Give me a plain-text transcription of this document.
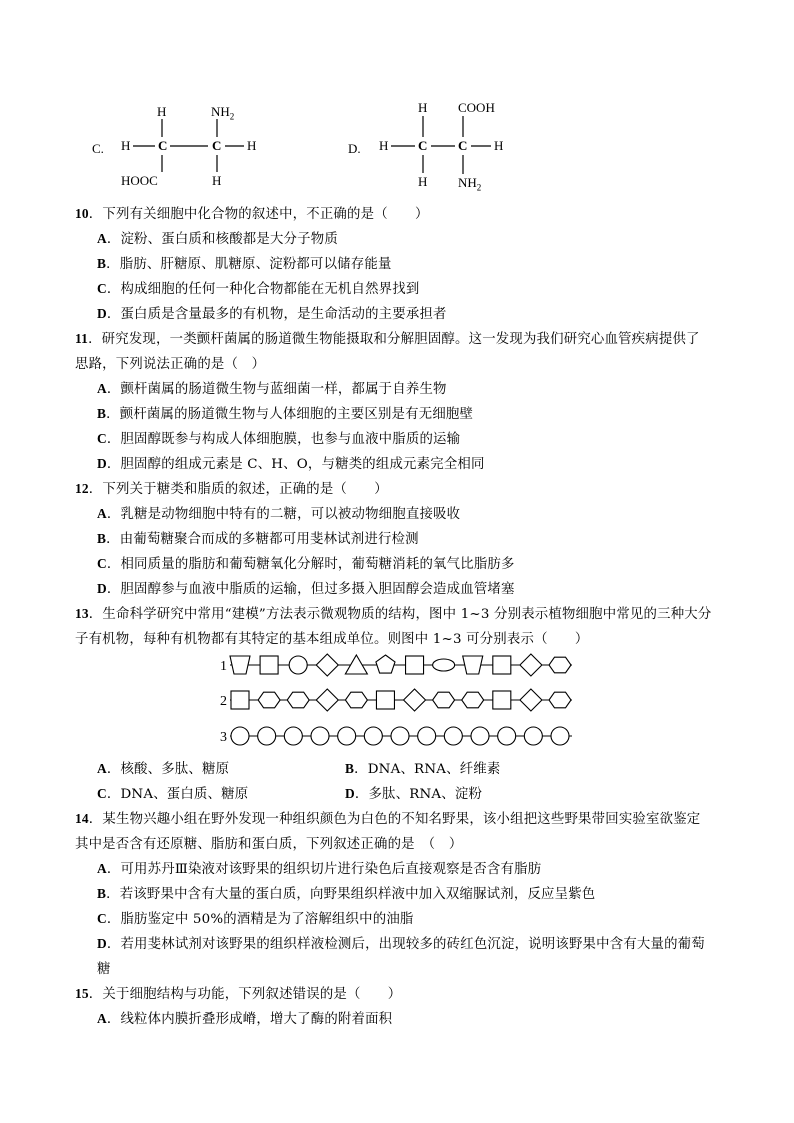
C.
H	$NH_2$
H C	C H
HOOC	H
D.
H COOH
H C C H
H $NH_2$
10．下列有关细胞中化合物的叙述中，不正确的是（　　）
A．淀粉、蛋白质和核酸都是大分子物质
B．脂肪、肝糖原、肌糖原、淀粉都可以储存能量
C．构成细胞的任何一种化合物都能在无机自然界找到
D．蛋白质是含量最多的有机物，是生命活动的主要承担者
11．研究发现，一类颤杆菌属的肠道微生物能摄取和分解胆固醇。这一发现为我们研究心血管疾病提供了
思路，下列说法正确的是（　）
A．颤杆菌属的肠道微生物与蓝细菌一样，都属于自养生物
B．颤杆菌属的肠道微生物与人体细胞的主要区别是有无细胞壁
C．胆固醇既参与构成人体细胞膜，也参与血液中脂质的运输
D．胆固醇的组成元素是 C、H、O，与糖类的组成元素完全相同
12．下列关于糖类和脂质的叙述，正确的是（　　）
A．乳糖是动物细胞中特有的二糖，可以被动物细胞直接吸收
B．由葡萄糖聚合而成的多糖都可用斐林试剂进行检测
C．相同质量的脂肪和葡萄糖氧化分解时，葡萄糖消耗的氧气比脂肪多
D．胆固醇参与血液中脂质的运输，但过多摄入胆固醇会造成血管堵塞
13．生命科学研究中常用“建模”方法表示微观物质的结构，图中 1~3 分别表示植物细胞中常见的三种大分
子有机物，每种有机物都有其特定的基本组成单位。则图中 1~3 可分别表示（　　）
1
2
3
A．核酸、多肽、糖原	B．DNA、RNA、纤维素
C．DNA、蛋白质、糖原	D．多肽、RNA、淀粉
14．某生物兴趣小组在野外发现一种组织颜色为白色的不知名野果，该小组把这些野果带回实验室欲鉴定
其中是否含有还原糖、脂肪和蛋白质，下列叙述正确的是　（　）
A．可用苏丹Ⅲ染液对该野果的组织切片进行染色后直接观察是否含有脂肪
B．若该野果中含有大量的蛋白质，向野果组织样液中加入双缩脲试剂，反应呈紫色
C．脂肪鉴定中 50%的酒精是为了溶解组织中的油脂
D．若用斐林试剂对该野果的组织样液检测后，出现较多的砖红色沉淀，说明该野果中含有大量的葡萄
糖
15．关于细胞结构与功能，下列叙述错误的是（　　）
A．线粒体内膜折叠形成嵴，增大了酶的附着面积
